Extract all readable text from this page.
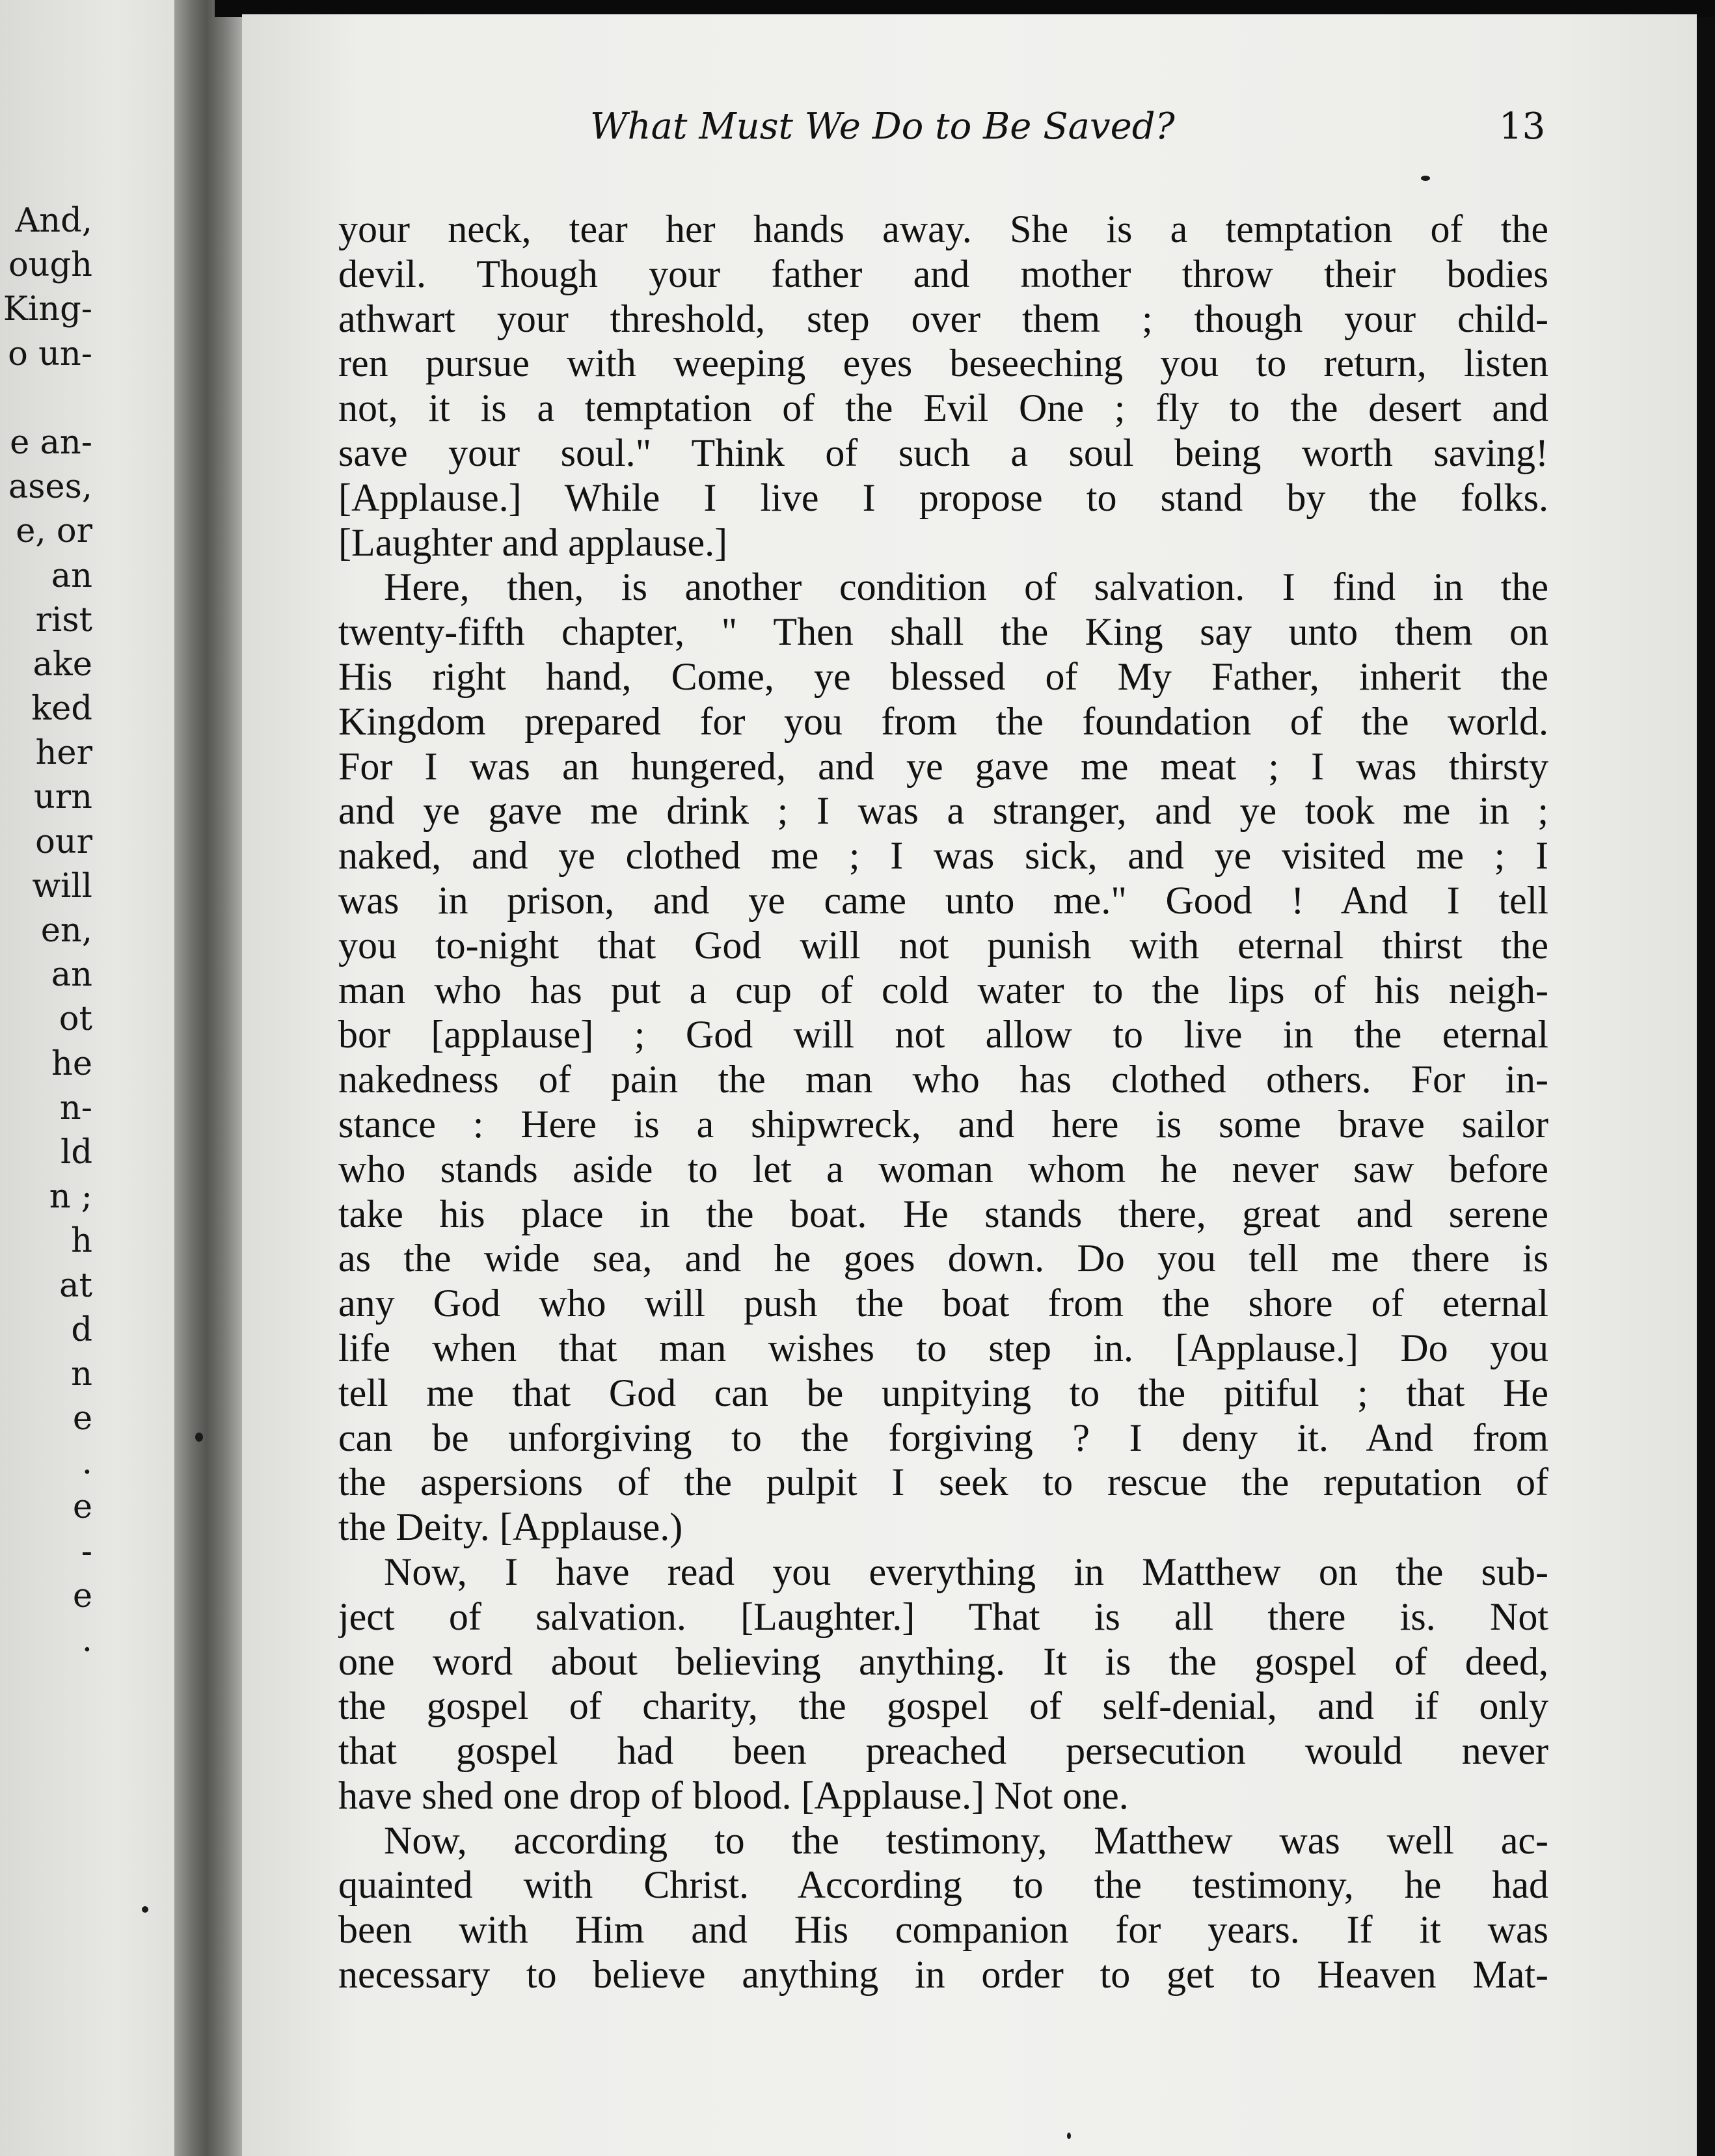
And,
ough
King-
o un-
e an-
ases,
e, or
an
rist
ake
ked
her
urn
our
will
en,
an
ot
he
n-
ld
n ;
h
at
d
n
e
.
e
-
e
.
What Must We Do to Be Saved?	13
your neck, tear her hands away. She is a temptation of the
devil. Though your father and mother throw their bodies
athwart your threshold, step over them ; though your child-
ren pursue with weeping eyes beseeching you to return, listen
not, it is a temptation of the Evil One ; fly to the desert and
save your soul." Think of such a soul being worth saving!
[Applause.] While I live I propose to stand by the folks.
[Laughter and applause.]
Here, then, is another condition of salvation. I find in the
twenty-fifth chapter, " Then shall the King say unto them on
His right hand, Come, ye blessed of My Father, inherit the
Kingdom prepared for you from the foundation of the world.
For I was an hungered, and ye gave me meat ; I was thirsty
and ye gave me drink ; I was a stranger, and ye took me in ;
naked, and ye clothed me ; I was sick, and ye visited me ; I
was in prison, and ye came unto me." Good ! And I tell
you to-night that God will not punish with eternal thirst the
man who has put a cup of cold water to the lips of his neigh-
bor [applause] ; God will not allow to live in the eternal
nakedness of pain the man who has clothed others. For in-
stance : Here is a shipwreck, and here is some brave sailor
who stands aside to let a woman whom he never saw before
take his place in the boat. He stands there, great and serene
as the wide sea, and he goes down. Do you tell me there is
any God who will push the boat from the shore of eternal
life when that man wishes to step in. [Applause.] Do you
tell me that God can be unpitying to the pitiful ; that He
can be unforgiving to the forgiving ? I deny it. And from
the aspersions of the pulpit I seek to rescue the reputation of
the Deity. [Applause.)
Now, I have read you everything in Matthew on the sub-
ject of salvation. [Laughter.] That is all there is. Not
one word about believing anything. It is the gospel of deed,
the gospel of charity, the gospel of self-denial, and if only
that gospel had been preached persecution would never
have shed one drop of blood. [Applause.] Not one.
Now, according to the testimony, Matthew was well ac-
quainted with Christ. According to the testimony, he had
been with Him and His companion for years. If it was
necessary to believe anything in order to get to Heaven Mat-
